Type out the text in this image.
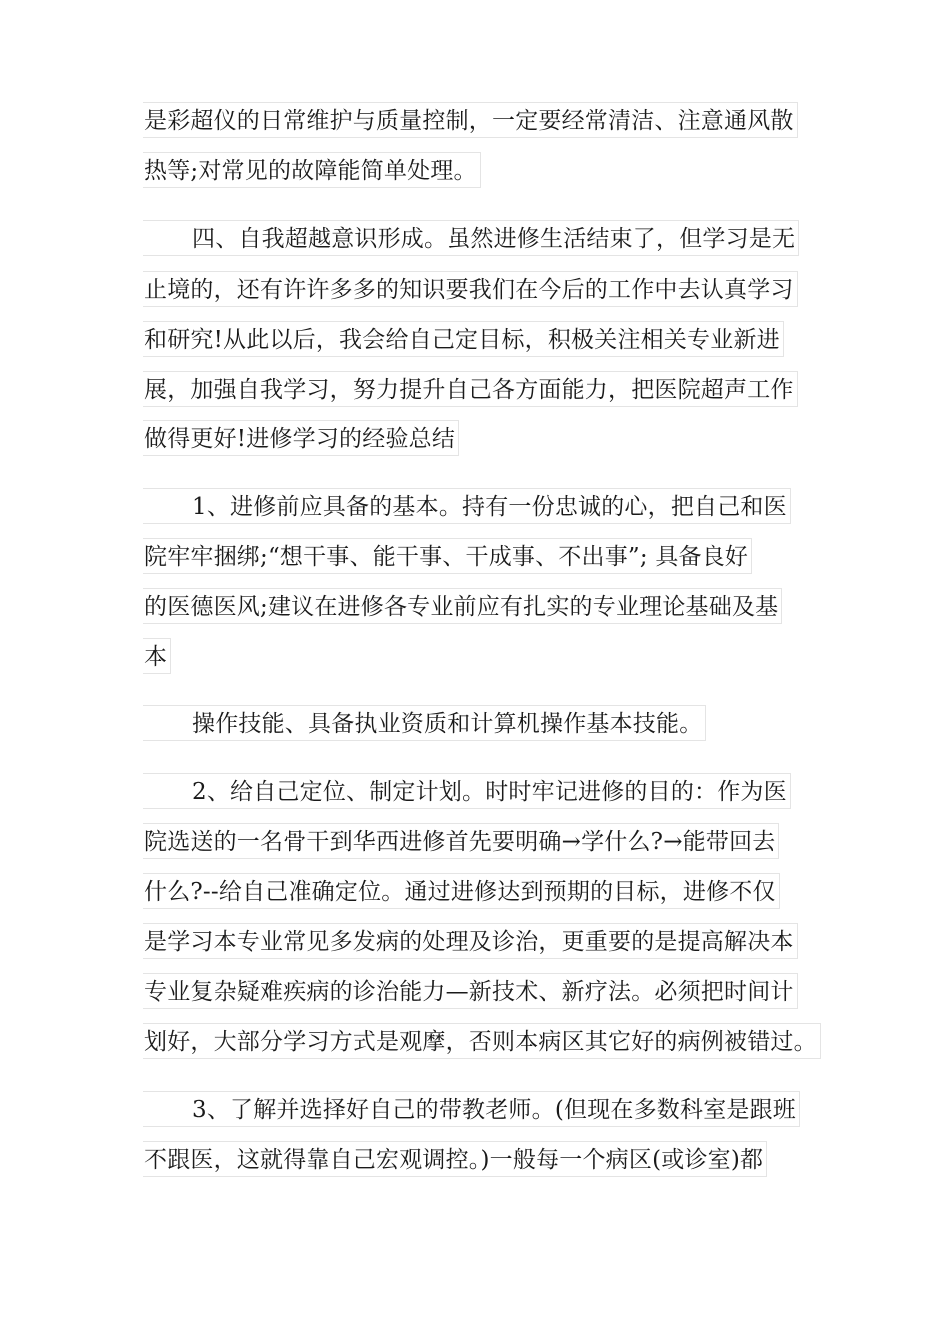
是彩超仪的日常维护与质量控制，一定要经常清洁、注意通风散
热等;对常见的故障能简单处理。
四、自我超越意识形成。虽然进修生活结束了，但学习是无
止境的，还有许许多多的知识要我们在今后的工作中去认真学习
和研究!从此以后，我会给自己定目标，积极关注相关专业新进
展，加强自我学习，努力提升自己各方面能力，把医院超声工作
做得更好!进修学习的经验总结
1、进修前应具备的基本。持有一份忠诚的心，把自己和医
院牢牢捆绑;“想干事、能干事、干成事、不出事”; 具备良好
的医德医风;建议在进修各专业前应有扎实的专业理论基础及基
本
操作技能、具备执业资质和计算机操作基本技能。
2、给自己定位、制定计划。时时牢记进修的目的：作为医
院选送的一名骨干到华西进修首先要明确→学什么?→能带回去
什么?--给自己准确定位。通过进修达到预期的目标，进修不仅
是学习本专业常见多发病的处理及诊治，更重要的是提高解决本
专业复杂疑难疾病的诊治能力—新技术、新疗法。必须把时间计
划好，大部分学习方式是观摩，否则本病区其它好的病例被错过。
3、了解并选择好自己的带教老师。(但现在多数科室是跟班
不跟医，这就得靠自己宏观调控。)一般每一个病区(或诊室)都
